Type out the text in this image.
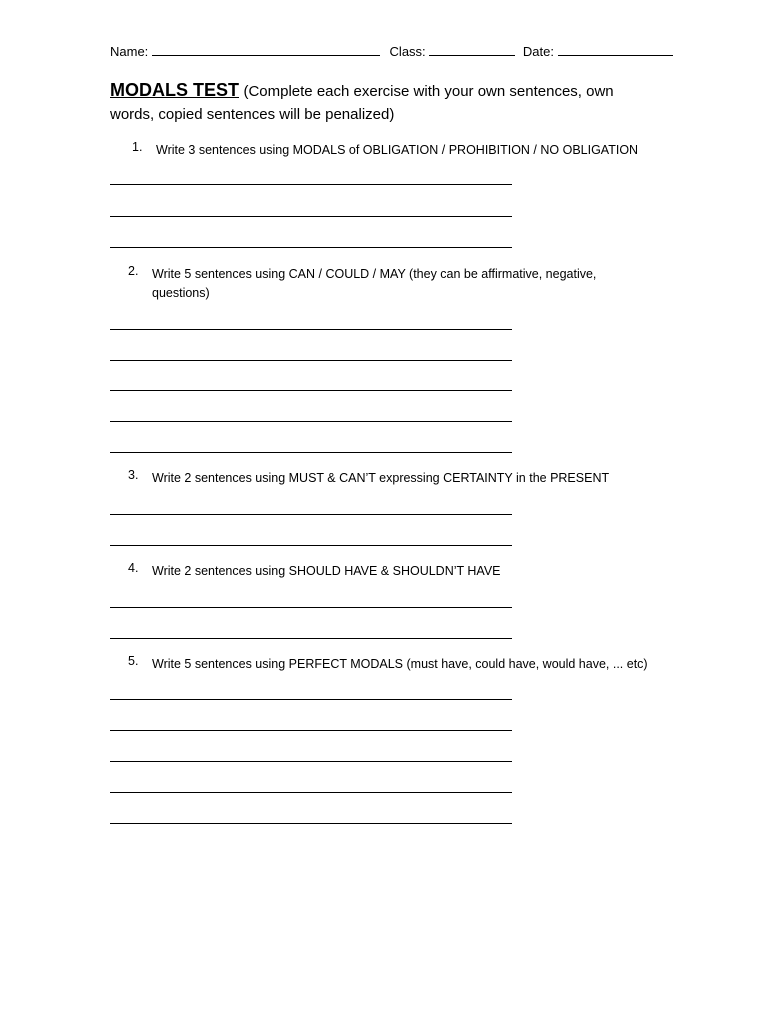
Name:	Class:	Date:
MODALS TEST (Complete each exercise with your own sentences, own
words, copied sentences will be penalized)
1. Write 3 sentences using MODALS of OBLIGATION / PROHIBITION / NO OBLIGATION
2. Write 5 sentences using CAN / COULD / MAY (they can be affirmative, negative,
questions)
3. Write 2 sentences using MUST & CAN’T expressing CERTAINTY in the PRESENT
4. Write 2 sentences using SHOULD HAVE & SHOULDN’T HAVE
5. Write 5 sentences using PERFECT MODALS (must have, could have, would have, ... etc)
